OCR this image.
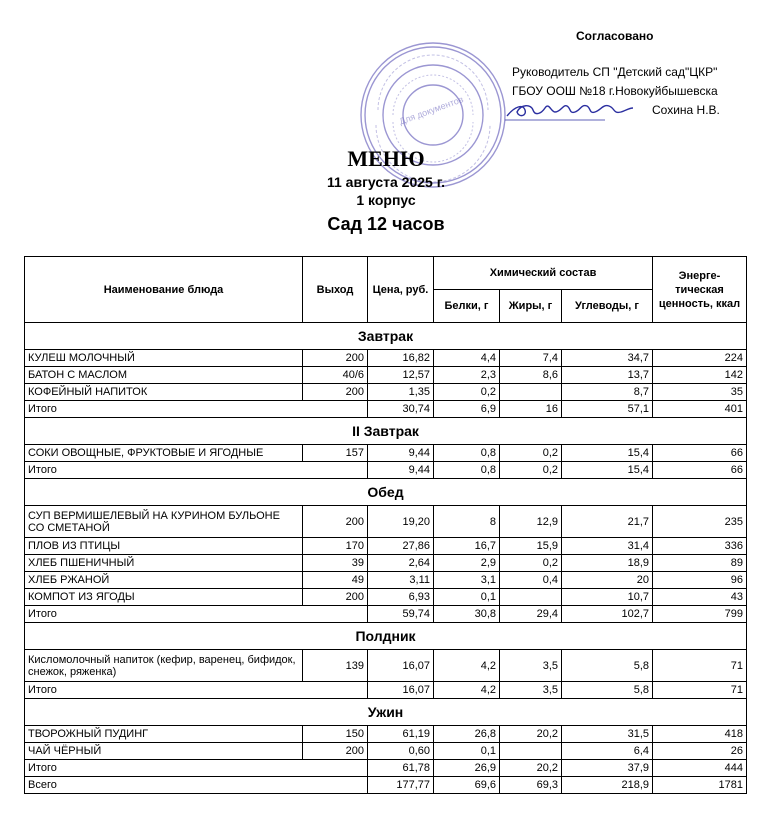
Согласовано
Руководитель СП "Детский сад"ЦКР"
ГБОУ ООШ №18 г.Новокуйбышевска
Сохина Н.В.
Для документов
МЕНЮ
11 августа 2025 г.
1 корпус
Сад 12 часов
Наименование блюда	Выход	Цена, руб.	Химический состав			Энерге-тическая ценность, ккал
			Белки, г	Жиры, г	Углеводы, г	
Завтрак						
КУЛЕШ МОЛОЧНЫЙ	200	16,82	4,4	7,4	34,7	224
БАТОН С МАСЛОМ	40/6	12,57	2,3	8,6	13,7	142
КОФЕЙНЫЙ НАПИТОК	200	1,35	0,2		8,7	35
Итого		30,74	6,9	16	57,1	401
II Завтрак						
СОКИ ОВОЩНЫЕ, ФРУКТОВЫЕ И ЯГОДНЫЕ	157	9,44	0,8	0,2	15,4	66
Итого		9,44	0,8	0,2	15,4	66
Обед						
СУП ВЕРМИШЕЛЕВЫЙ НА КУРИНОМ БУЛЬОНЕ СО СМЕТАНОЙ	200	19,20	8	12,9	21,7	235
ПЛОВ ИЗ ПТИЦЫ	170	27,86	16,7	15,9	31,4	336
ХЛЕБ ПШЕНИЧНЫЙ	39	2,64	2,9	0,2	18,9	89
ХЛЕБ РЖАНОЙ	49	3,11	3,1	0,4	20	96
КОМПОТ ИЗ ЯГОДЫ	200	6,93	0,1		10,7	43
Итого		59,74	30,8	29,4	102,7	799
Полдник						
Кисломолочный напиток (кефир, варенец, бифидок, снежок, ряженка)	139	16,07	4,2	3,5	5,8	71
Итого		16,07	4,2	3,5	5,8	71
Ужин						
ТВОРОЖНЫЙ ПУДИНГ	150	61,19	26,8	20,2	31,5	418
ЧАЙ ЧЁРНЫЙ	200	0,60	0,1		6,4	26
Итого		61,78	26,9	20,2	37,9	444
Всего		177,77	69,6	69,3	218,9	1781
